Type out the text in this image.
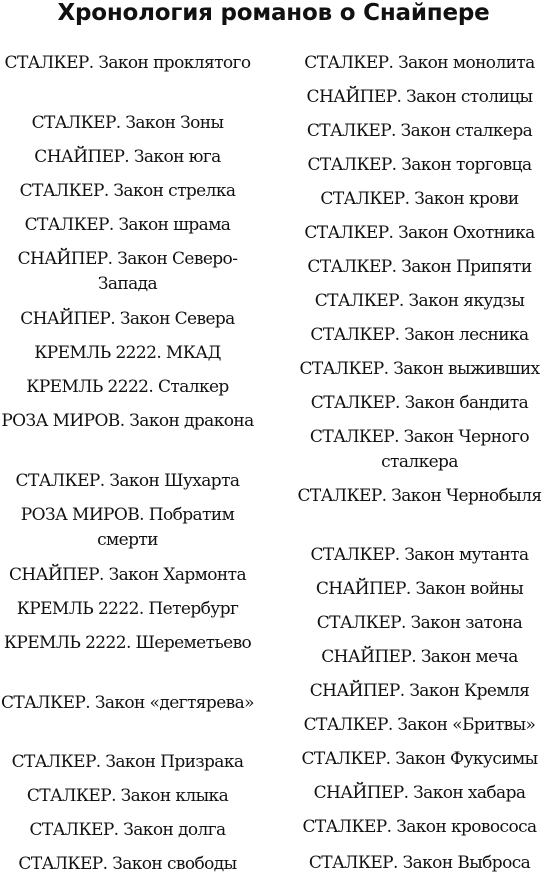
Хронология романов о Снайпере
СТАЛКЕР. Закон проклятого
СТАЛКЕР. Закон Зоны
СНАЙПЕР. Закон юга
СТАЛКЕР. Закон стрелка
СТАЛКЕР. Закон шрама
СНАЙПЕР. Закон Северо-Запада
СНАЙПЕР. Закон Севера
КРЕМЛЬ 2222. МКАД
КРЕМЛЬ 2222. Сталкер
РОЗА МИРОВ. Закон дракона
СТАЛКЕР. Закон Шухарта
РОЗА МИРОВ. Побратим смерти
СНАЙПЕР. Закон Хармонта
КРЕМЛЬ 2222. Петербург
КРЕМЛЬ 2222. Шереметьево
СТАЛКЕР. Закон «дегтярева»
СТАЛКЕР. Закон Призрака
СТАЛКЕР. Закон клыка
СТАЛКЕР. Закон долга
СТАЛКЕР. Закон свободы
СТАЛКЕР. Закон монолита
СНАЙПЕР. Закон столицы
СТАЛКЕР. Закон сталкера
СТАЛКЕР. Закон торговца
СТАЛКЕР. Закон крови
СТАЛКЕР. Закон Охотника
СТАЛКЕР. Закон Припяти
СТАЛКЕР. Закон якудзы
СТАЛКЕР. Закон лесника
СТАЛКЕР. Закон выживших
СТАЛКЕР. Закон бандита
СТАЛКЕР. Закон Черного сталкера
СТАЛКЕР. Закон Чернобыля
СТАЛКЕР. Закон мутанта
СНАЙПЕР. Закон войны
СТАЛКЕР. Закон затона
СНАЙПЕР. Закон меча
СНАЙПЕР. Закон Кремля
СТАЛКЕР. Закон «Бритвы»
СТАЛКЕР. Закон Фукусимы
СНАЙПЕР. Закон хабара
СТАЛКЕР. Закон кровососа
СТАЛКЕР. Закон Выброса
